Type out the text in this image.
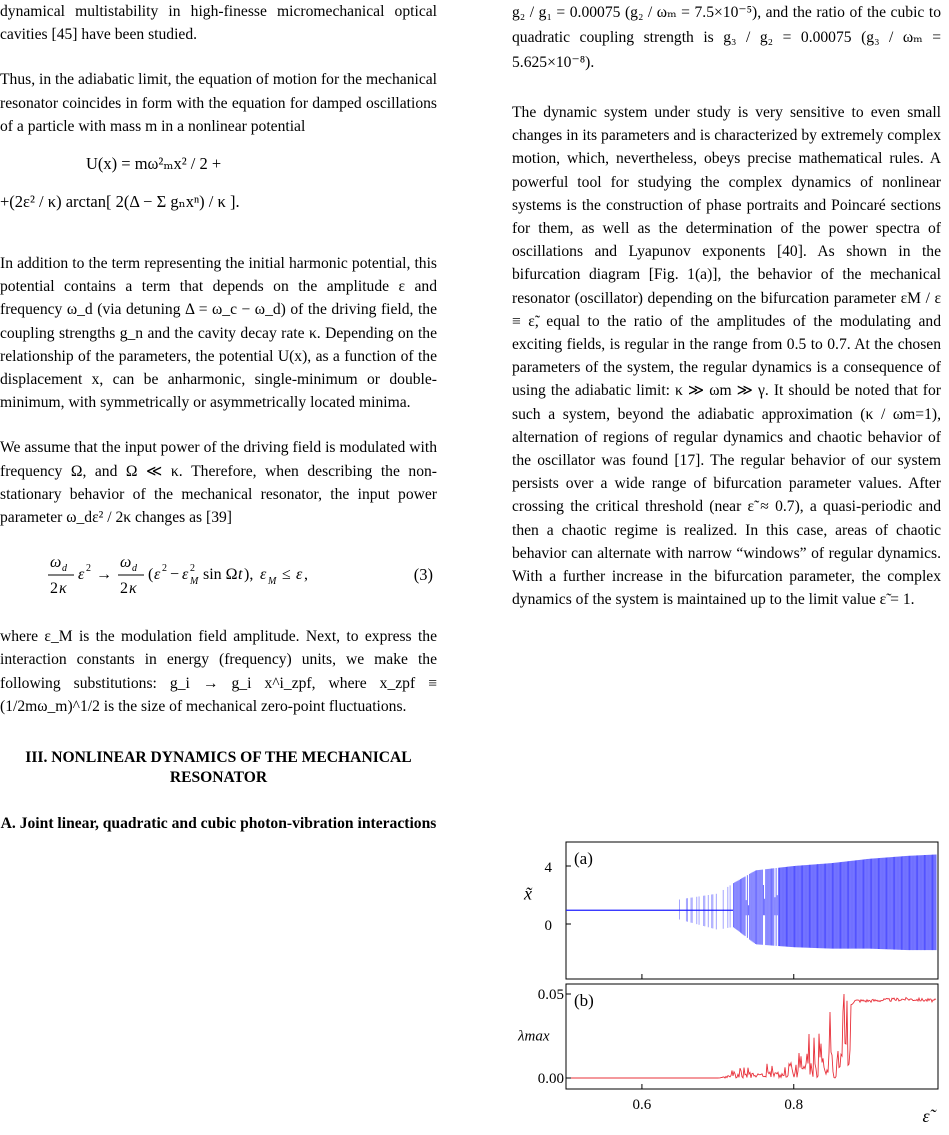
dynamical multistability in high-finesse micromechanical optical cavities [45] have been studied.

Thus, in the adiabatic limit, the equation of motion for the mechanical resonator coincides in form with the equation for damped oscillations of a particle with mass m in a nonlinear potential

U(x) = mω²ₘx² / 2 +
+(2ε² / κ) arctan[ 2(Δ − Σ gₙxⁿ) / κ ].

In addition to the term representing the initial harmonic potential, this potential contains a term that depends on the amplitude ε and frequency ω_d (via detuning Δ = ω_c − ω_d) of the driving field, the coupling strengths g_n and the cavity decay rate κ. Depending on the relationship of the parameters, the potential U(x), as a function of the displacement x, can be anharmonic, single-minimum or double-minimum, with symmetrically or asymmetrically located minima.

We assume that the input power of the driving field is modulated with frequency Ω, and Ω ≪ κ. Therefore, when describing the non-stationary behavior of the mechanical resonator, the input power parameter ω_dε² / 2κ changes as [39]

ω d
2 κ
ε 2 →
ω d
2 κ
( ε 2 − ε 2
M sin Ω t ), ε M ≤ ε ,	(3)

where ε_M is the modulation field amplitude. Next, to express the interaction constants in energy (frequency) units, we make the following substitutions: g_i → g_i x^i_zpf, where x_zpf ≡ (1/2mω_m)^1/2 is the size of mechanical zero-point fluctuations.

III. NONLINEAR DYNAMICS OF THE MECHANICAL RESONATOR

A. Joint linear, quadratic and cubic photon-vibration interactions

g₂ / g₁ = 0.00075 (g₂ / ωₘ = 7.5×10⁻⁵), and the ratio of the cubic to quadratic coupling strength is g₃ / g₂ = 0.00075 (g₃ / ωₘ = 5.625×10⁻⁸).

The dynamic system under study is very sensitive to even small changes in its parameters and is characterized by extremely complex motion, which, nevertheless, obeys precise mathematical rules. A powerful tool for studying the complex dynamics of nonlinear systems is the construction of phase portraits and Poincaré sections for them, as well as the determination of the power spectra of oscillations and Lyapunov exponents [40]. As shown in the bifurcation diagram [Fig. 1(a)], the behavior of the mechanical resonator (oscillator) depending on the bifurcation parameter εM / ε ≡ ε̃, equal to the ratio of the amplitudes of the modulating and exciting fields, is regular in the range from 0.5 to 0.7. At the chosen parameters of the system, the regular dynamics is a consequence of using the adiabatic limit: κ ≫ ωm ≫ γ. It should be noted that for such a system, beyond the adiabatic approximation (κ / ωm=1), alternation of regions of regular dynamics and chaotic behavior of the oscillator was found [17]. The regular behavior of our system persists over a wide range of bifurcation parameter values. After crossing the critical threshold (near ε̃ ≈ 0.7), a quasi-periodic and then a chaotic regime is realized. In this case, areas of chaotic behavior can alternate with narrow “windows” of regular dynamics. With a further increase in the bifurcation parameter, the complex dynamics of the system is maintained up to the limit value ε̃ = 1.

(a)
x̃
4
0
(b)
λmax
0.05
0.00
0.6	0.8
ε̃
